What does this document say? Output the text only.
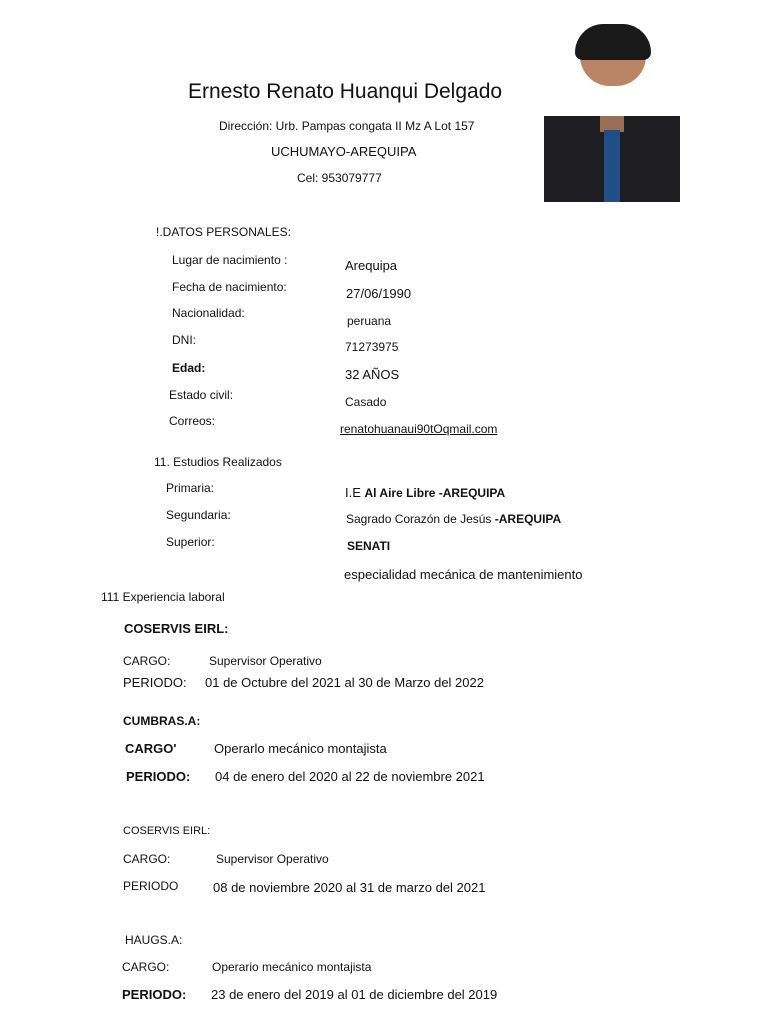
Ernesto Renato Huanqui Delgado
Dirección: Urb. Pampas congata II Mz A Lot 157
UCHUMAYO-AREQUIPA
Cel: 953079777
!.DATOS PERSONALES:
Lugar de nacimiento :	Arequipa
Fecha de nacimiento:	27/06/1990
Nacionalidad:
peruana
DNI:	71273975
Edad:	32 AÑOS
Estado civil:	Casado
Correos:
renatohuanaui90tOqmail.com
11. Estudios Realizados
Primaria:	I.E Al Aire Libre -AREQUIPA
Segundaria:	Sagrado Corazón de Jesús -AREQUIPA
Superior:	SENATI
especialidad mecánica de mantenimiento
111 Experiencia laboral
COSERVIS EIRL:
CARGO:	Supervisor Operativo
PERIODO: 01 de Octubre del 2021 al 30 de Marzo del 2022
CUMBRAS.A:
CARGO'	Operarlo mecánico montajista
PERIODO: 04 de enero del 2020 al 22 de noviembre 2021
COSERVIS EIRL:
CARGO:	Supervisor Operativo
PERIODO	08 de noviembre 2020 al 31 de marzo del 2021
HAUGS.A:
CARGO:	Operario mecánico montajista
PERIODO: 23 de enero del 2019 al 01 de diciembre del 2019
